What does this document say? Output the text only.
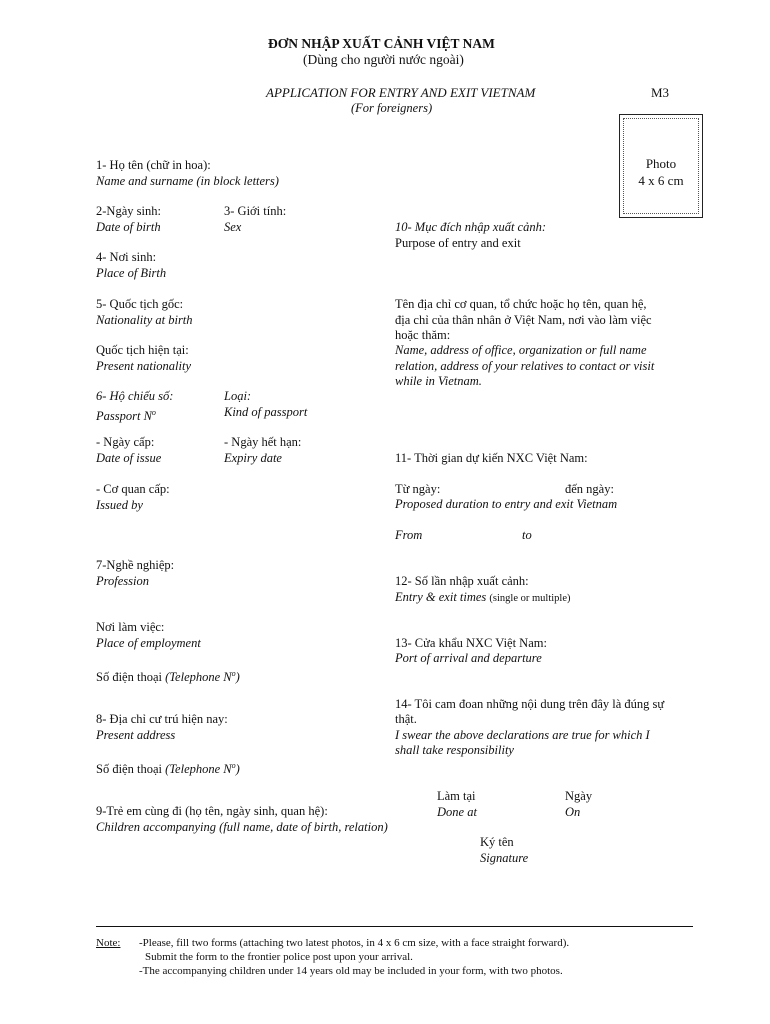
ĐƠN NHẬP XUẤT CẢNH VIỆT NAM
(Dùng cho người nước ngoài)
APPLICATION FOR ENTRY AND EXIT VIETNAM
(For foreigners)
M3
Photo
4 x 6 cm
1- Họ tên (chữ in hoa):
Name and surname (in block letters)
2-Ngày sinh:
Date of birth
3- Giới tính:
Sex
4- Nơi sinh:
Place of Birth
5- Quốc tịch gốc:
Nationality at birth
Quốc tịch hiện tại:
Present nationality
6- Hộ chiếu số:
Passport $N^o$
Loại:
Kind of passport
- Ngày cấp:
Date of issue
- Ngày hết hạn:
Expiry date
- Cơ quan cấp:
Issued by
7-Nghề nghiệp:
Profession
Nơi làm việc:
Place of employment
Số điện thoại (Telephone $N^o$)
8- Địa chỉ cư trú hiện nay:
Present address
Số điện thoại (Telephone $N^o$)
9-Trẻ em cùng đi (họ tên, ngày sinh, quan hệ):
Children accompanying (full name, date of birth, relation)
10- Mục đích nhập xuất cảnh:
Purpose of entry and exit
Tên địa chỉ cơ quan, tổ chức hoặc họ tên, quan hệ,
địa chỉ của thân nhân ở Việt Nam, nơi vào làm việc
hoặc thăm:
Name, address of office, organization or full name
relation, address of your relatives to contact or visit
while in Vietnam.
11- Thời gian dự kiến NXC Việt Nam:
Từ ngày:	đến ngày:
Proposed duration to entry and exit Vietnam
From	to
12- Số lần nhập xuất cảnh:
Entry & exit times (single or multiple)
13- Cửa khẩu NXC Việt Nam:
Port of arrival and departure
14- Tôi cam đoan những nội dung trên đây là đúng sự
thật.
I swear the above declarations are true for which I
shall take responsibility
Làm tại
Done at
Ngày
On
Ký tên
Signature
Note: -Please, fill two forms (attaching two latest photos, in 4 x 6 cm size, with a face straight forward).
Submit the form to the frontier police post upon your arrival.
-The accompanying children under 14 years old may be included in your form, with two photos.
